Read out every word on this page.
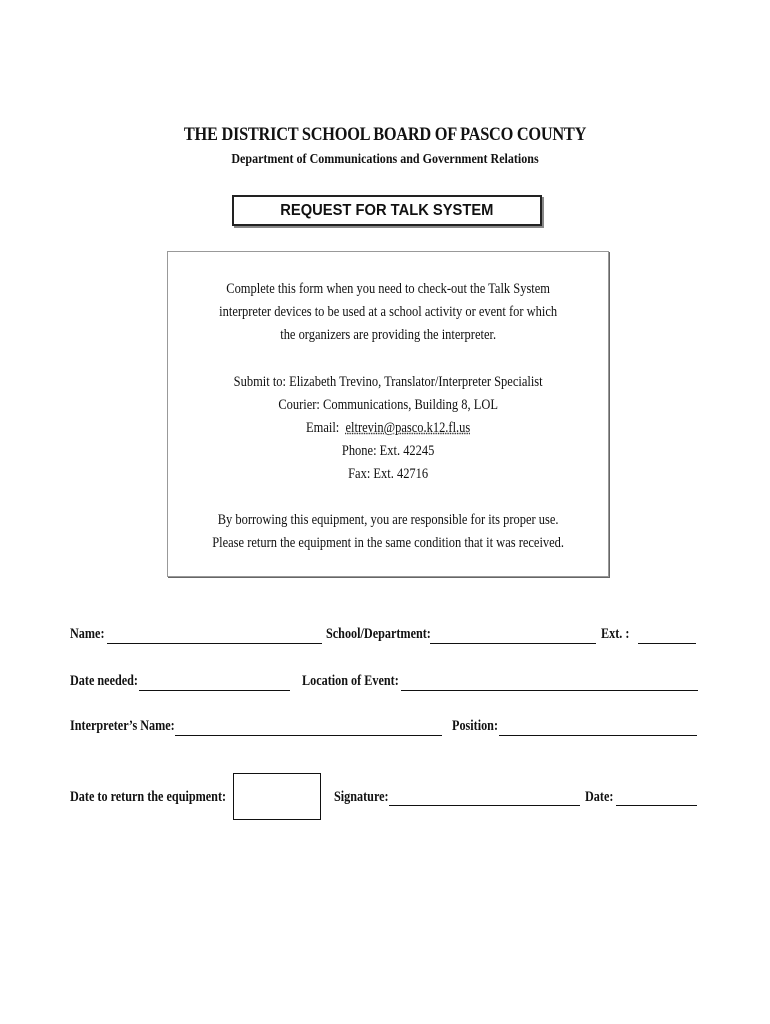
THE DISTRICT SCHOOL BOARD OF PASCO COUNTY
Department of Communications and Government Relations
REQUEST FOR TALK SYSTEM
Complete this form when you need to check-out the Talk System
interpreter devices to be used at a school activity or event for which
the organizers are providing the interpreter.
Submit to: Elizabeth Trevino, Translator/Interpreter Specialist
Courier: Communications, Building 8, LOL
Email: eltrevin@pasco.k12.fl.us
Phone: Ext. 42245
Fax: Ext. 42716
By borrowing this equipment, you are responsible for its proper use.
Please return the equipment in the same condition that it was received.
Name:	School/Department:	Ext. :
Date needed:	Location of Event:
Interpreter’s Name:	Position:
Date to return the equipment:	Signature:	Date:
